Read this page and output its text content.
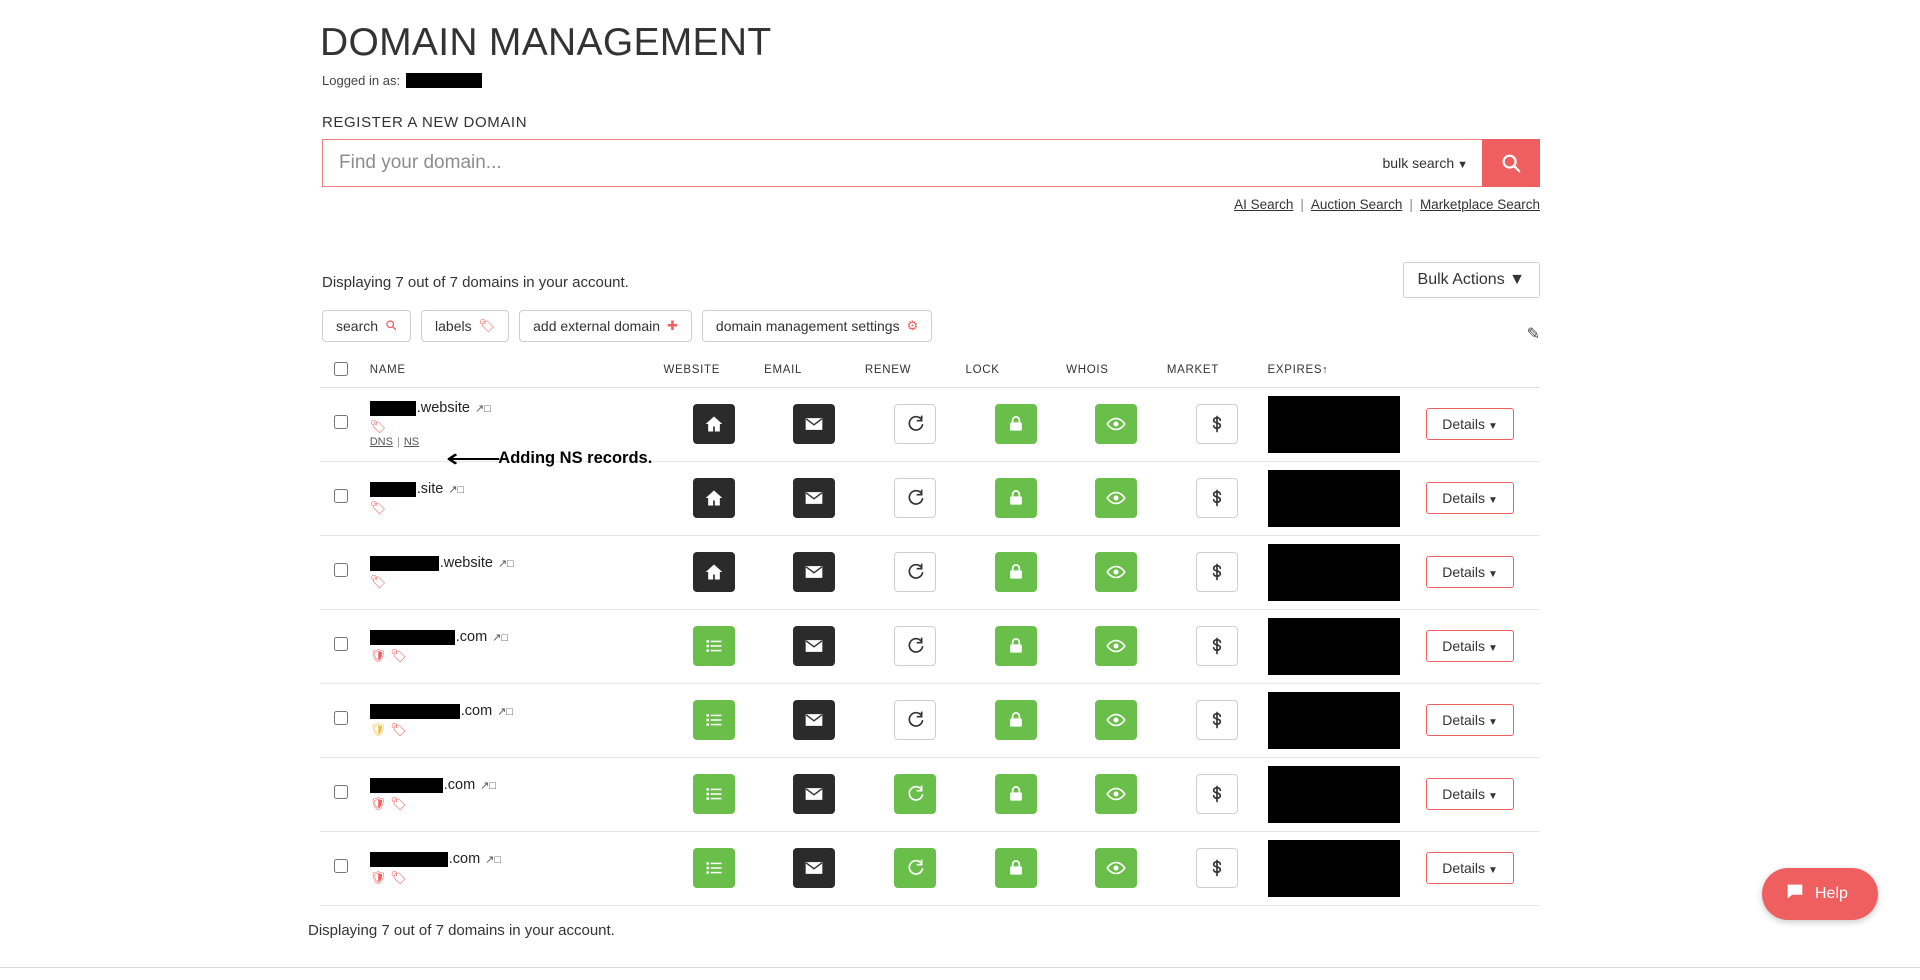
DOMAIN MANAGEMENT
Logged in as:
REGISTER A NEW DOMAIN
Find your domain...
bulk search ▼
AI Search | Auction Search | Marketplace Search
Displaying 7 out of 7 domains in your account.	Bulk Actions ▼
search	labels 🏷	add external domain ✚	domain management settings ⚙	✎
	NAME	WEBSITE	EMAIL	RENEW	LOCK	WHOIS	MARKET	EXPIRES↑	

.website ↗□
🏷
DNS | NS								Details ▼

.site ↗□
🏷								Details ▼

.website ↗□
🏷								Details ▼

.com ↗□
🛡 🏷								Details ▼

.com ↗□
🛡 🏷								Details ▼

.com ↗□
🛡 🏷								Details ▼

.com ↗□
🛡 🏷								Details ▼
Displaying 7 out of 7 domains in your account.
⟵
Adding NS records.
Help
